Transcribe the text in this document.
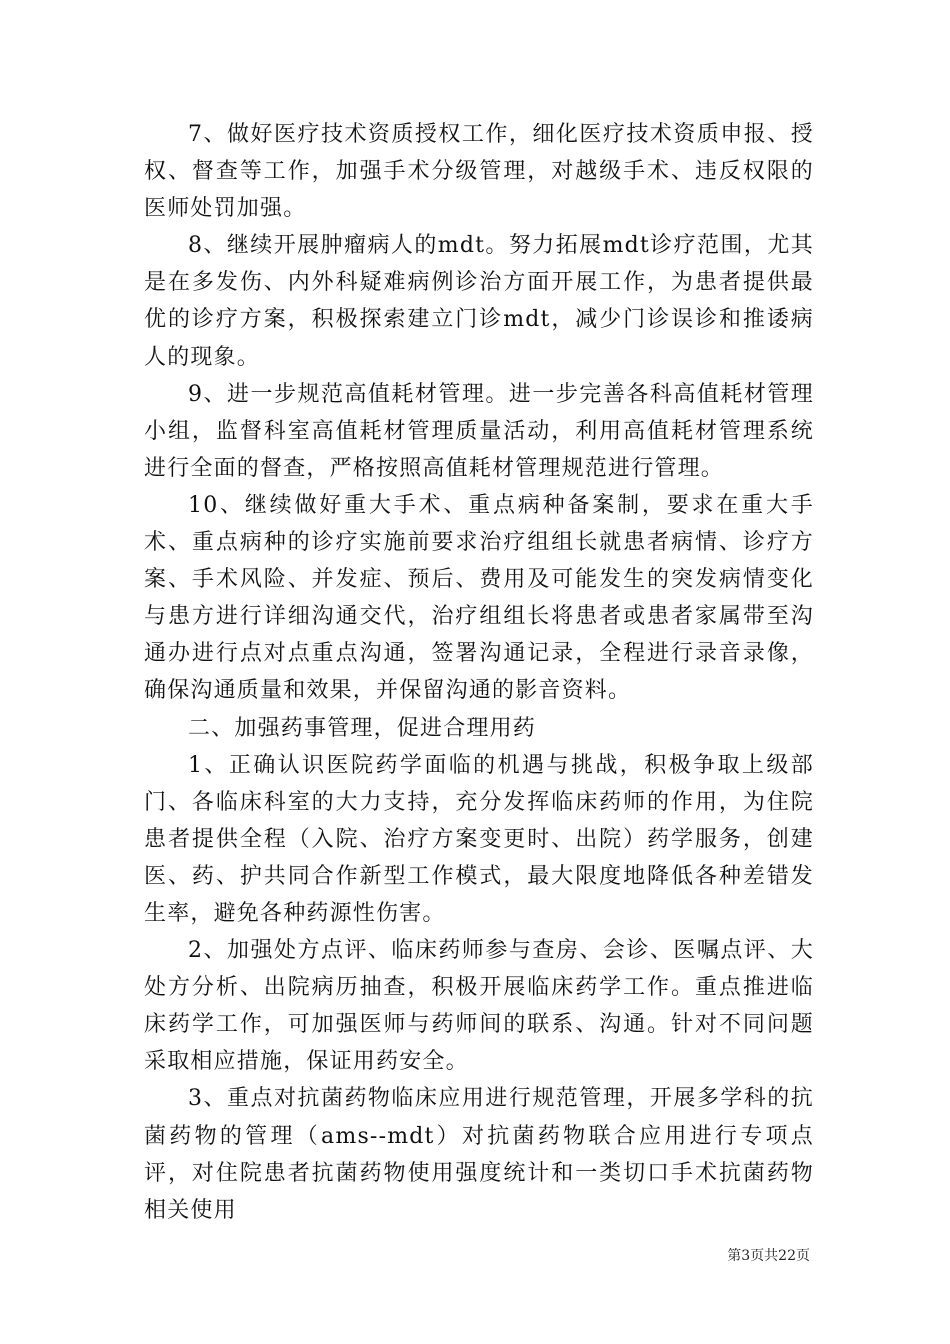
7、做好医疗技术资质授权工作，细化医疗技术资质申报、授权、督查等工作，加强手术分级管理，对越级手术、违反权限的医师处罚加强。

8、继续开展肿瘤病人的mdt。努力拓展mdt诊疗范围，尤其是在多发伤、内外科疑难病例诊治方面开展工作，为患者提供最优的诊疗方案，积极探索建立门诊mdt，减少门诊误诊和推诿病人的现象。

9、进一步规范高值耗材管理。进一步完善各科高值耗材管理小组，监督科室高值耗材管理质量活动，利用高值耗材管理系统进行全面的督查，严格按照高值耗材管理规范进行管理。

10、继续做好重大手术、重点病种备案制，要求在重大手术、重点病种的诊疗实施前要求治疗组组长就患者病情、诊疗方案、手术风险、并发症、预后、费用及可能发生的突发病情变化与患方进行详细沟通交代，治疗组组长将患者或患者家属带至沟通办进行点对点重点沟通，签署沟通记录，全程进行录音录像，确保沟通质量和效果，并保留沟通的影音资料。

二、加强药事管理，促进合理用药

1、正确认识医院药学面临的机遇与挑战，积极争取上级部门、各临床科室的大力支持，充分发挥临床药师的作用，为住院患者提供全程（入院、治疗方案变更时、出院）药学服务，创建医、药、护共同合作新型工作模式，最大限度地降低各种差错发生率，避免各种药源性伤害。

2、加强处方点评、临床药师参与查房、会诊、医嘱点评、大处方分析、出院病历抽查，积极开展临床药学工作。重点推进临床药学工作，可加强医师与药师间的联系、沟通。针对不同问题采取相应措施，保证用药安全。

3、重点对抗菌药物临床应用进行规范管理，开展多学科的抗菌药物的管理（ams--mdt）对抗菌药物联合应用进行专项点评，对住院患者抗菌药物使用强度统计和一类切口手术抗菌药物相关使用

第3页共22页
